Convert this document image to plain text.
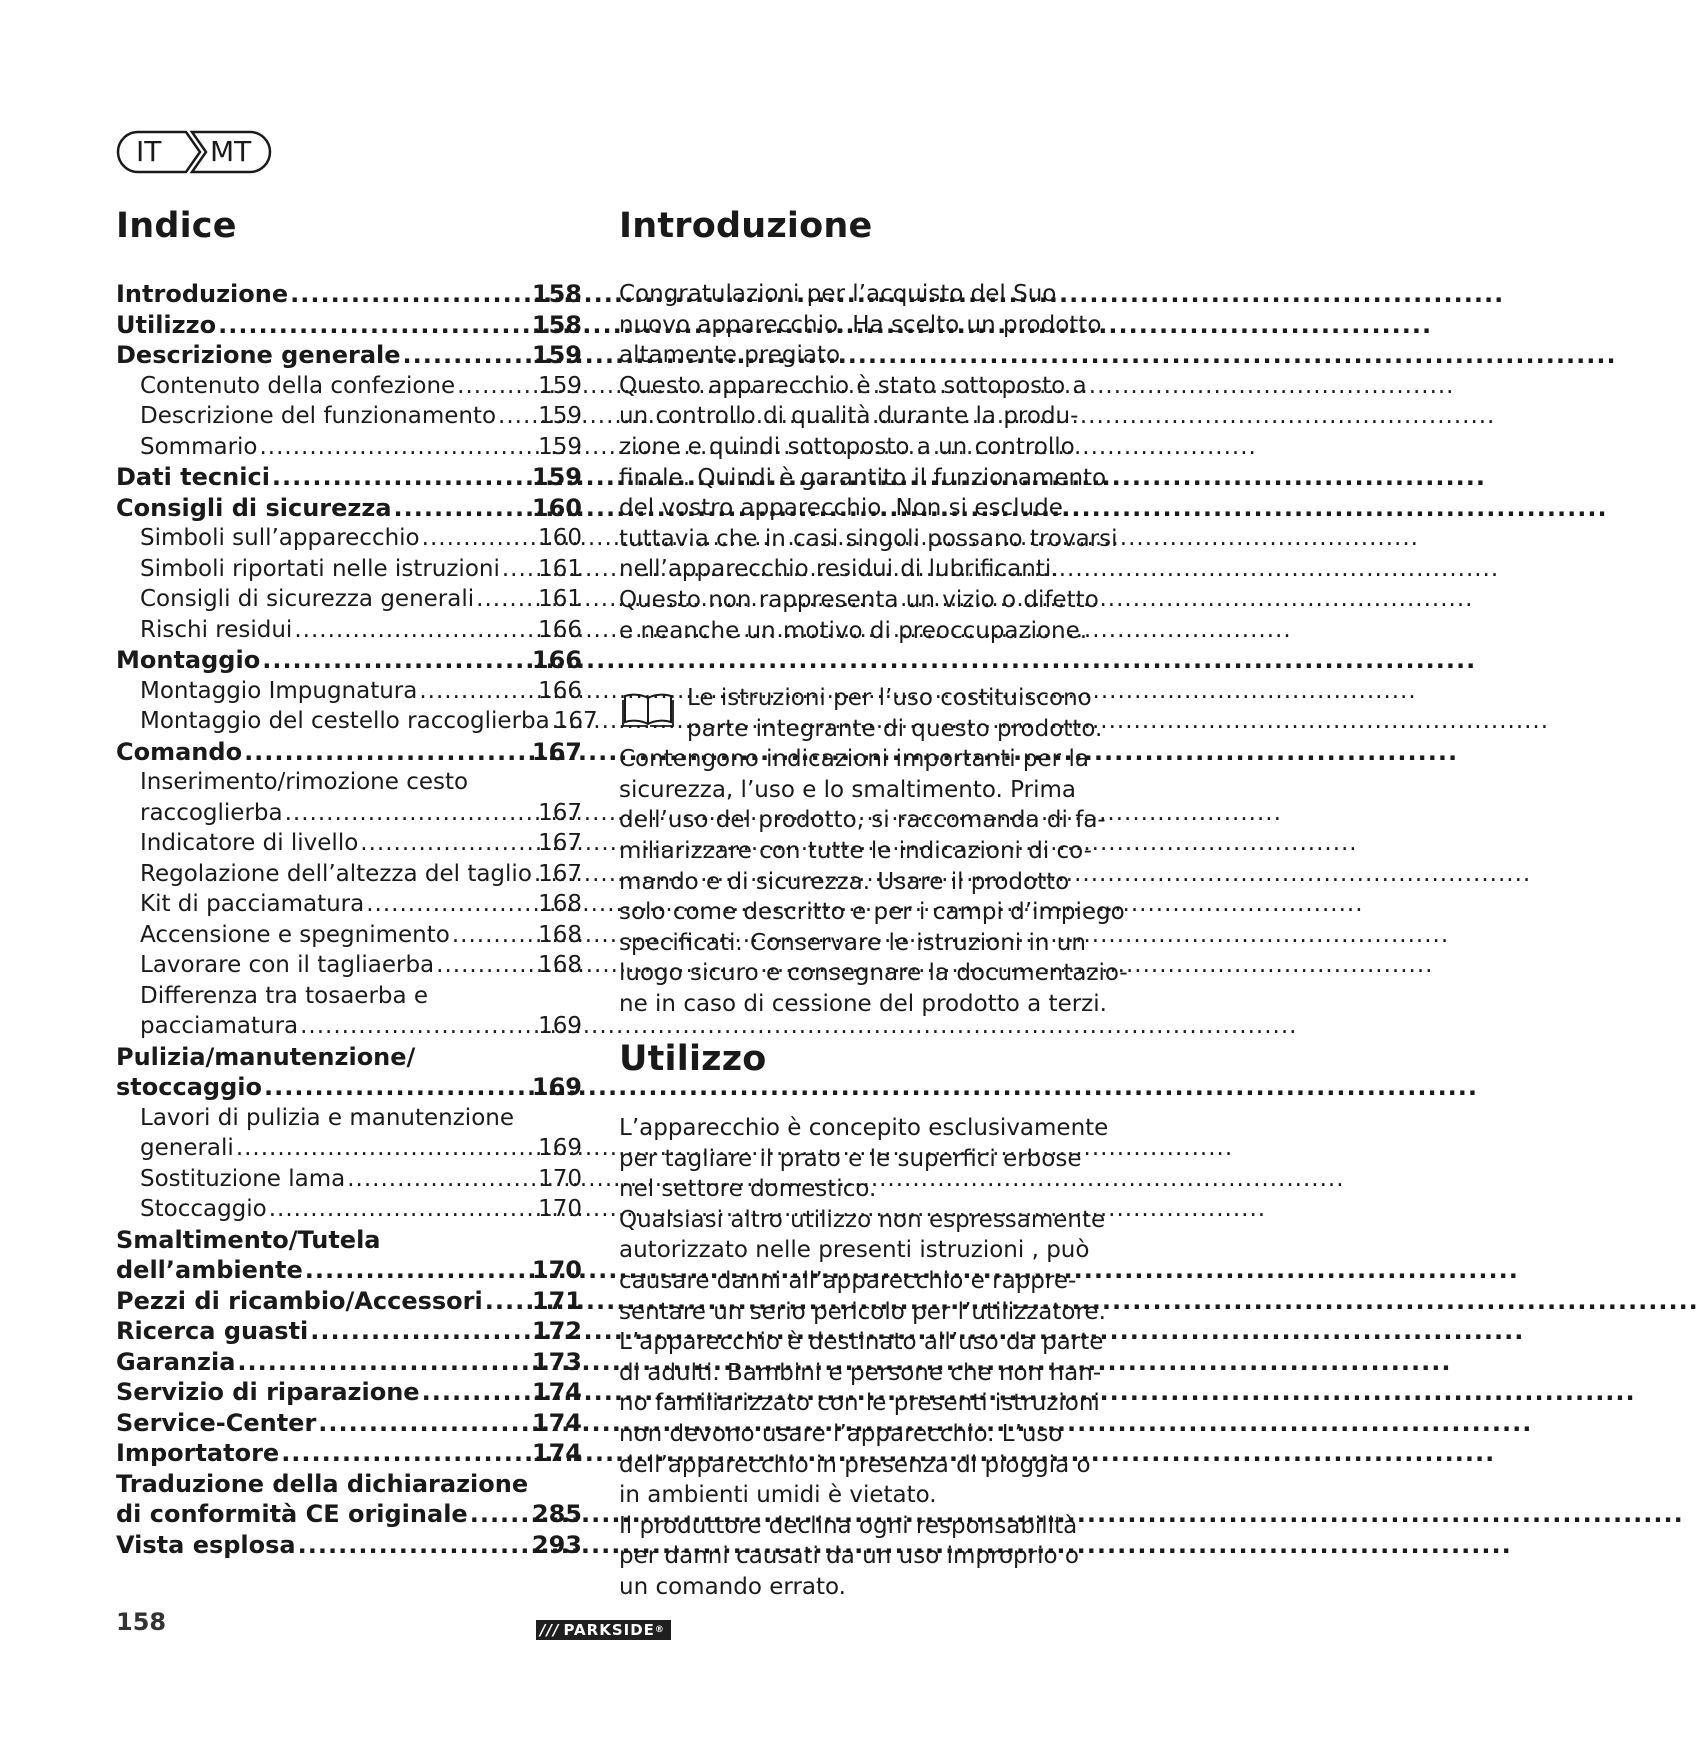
IT MT
Indice
Introduzione .....	158
Utilizzo .....	158
Descrizione generale .....	159
Contenuto della confezione .....	159
Descrizione del funzionamento ..... 159
Sommario .....	159
Dati tecnici .....	159
Consigli di sicurezza .....	160
Simboli sull’apparecchio .....	160
Simboli riportati nelle istruzioni ..... 161
Consigli di sicurezza generali .....	161
Rischi residui .....	166
Montaggio .....	166
Montaggio Impugnatura .....	166
Montaggio del cestello raccoglierba ..... 167
Comando .....	167
Inserimento/rimozione cesto
raccoglierba .....	167
Indicatore di livello .....	167
Regolazione dell’altezza del taglio ..... 167
Kit di pacciamatura .....	168
Accensione e spegnimento .....	168
Lavorare con il tagliaerba .....	168
Differenza tra tosaerba e
pacciamatura .....	169
Pulizia/manutenzione/
stoccaggio .....	169
Lavori di pulizia e manutenzione
generali .....	169
Sostituzione lama .....	170
Stoccaggio .....	170
Smaltimento/Tutela
dell’ambiente .....	170
Pezzi di ricambio/Accessori ..... 171
Ricerca guasti .....	172
Garanzia .....	173
Servizio di riparazione .....	174
Service-Center .....	174
Importatore .....	174
Traduzione della dichiarazione
di conformità CE originale .....	285
Vista esplosa .....	293
Introduzione

Congratulazioni per l’acquisto del Suo
nuovo apparecchio. Ha scelto un prodotto
altamente pregiato.
Questo apparecchio è stato sottoposto a
un controllo di qualità durante la produ-
zione e quindi sottoposto a un controllo
finale. Quindi è garantito il funzionamento
del vostro apparecchio. Non si esclude
tuttavia che in casi singoli possano trovarsi
nell’apparecchio residui di lubrificanti.
Questo non rappresenta un vizio o difetto
e neanche un motivo di preoccupazione.

Le istruzioni per l’uso costituiscono
parte integrante di questo prodotto.
Contengono indicazioni importanti per la
sicurezza, l’uso e lo smaltimento. Prima
dell’uso del prodotto, si raccomanda di fa-
miliarizzare con tutte le indicazioni di co-
mando e di sicurezza. Usare il prodotto
solo come descritto e per i campi d’impiego
specificati. Conservare le istruzioni in un
luogo sicuro e consegnare la documentazio-
ne in caso di cessione del prodotto a terzi.

Utilizzo

L’apparecchio è concepito esclusivamente
per tagliare il prato e le superfici erbose
nel settore domestico.
Qualsiasi altro utilizzo non espressamente
autorizzato nelle presenti istruzioni , può
causare danni all’apparecchio e rappre-
sentare un serio pericolo per l’utilizzatore.
L’apparecchio è destinato all’uso da parte
di adulti. Bambini e persone che non han-
no familiarizzato con le presenti istruzioni
non devono usare l’apparecchio. L’uso
dell’apparecchio in presenza di pioggia o
in ambienti umidi è vietato.
Il produttore declina ogni responsabilità
per danni causati da un uso improprio o
un comando errato.

158	/// PARKSIDE ®
